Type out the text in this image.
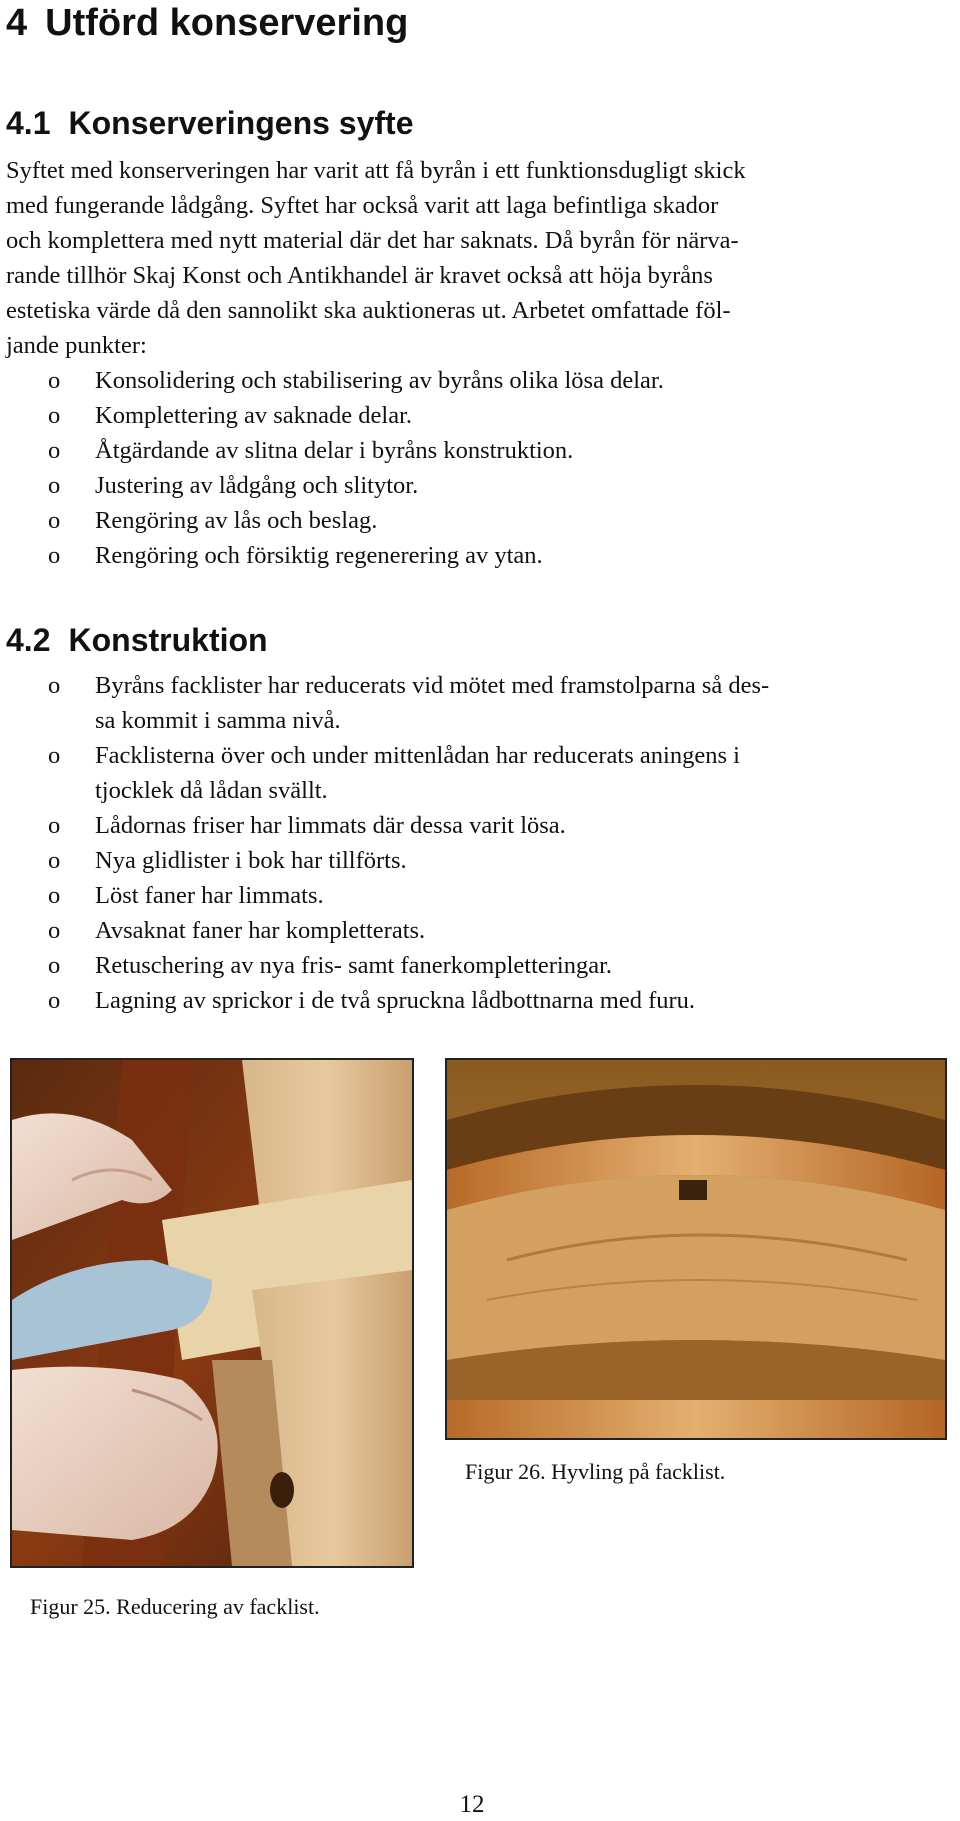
4 Utförd konservering
4.1 Konserveringens syfte
Syftet med konserveringen har varit att få byrån i ett funktionsdugligt skick
med fungerande lådgång. Syftet har också varit att laga befintliga skador
och komplettera med nytt material där det har saknats. Då byrån för närva-
rande tillhör Skaj Konst och Antikhandel är kravet också att höja byråns
estetiska värde då den sannolikt ska auktioneras ut. Arbetet omfattade föl-
jande punkter:
o Konsolidering och stabilisering av byråns olika lösa delar.
o Komplettering av saknade delar.
o Åtgärdande av slitna delar i byråns konstruktion.
o Justering av lådgång och slitytor.
o Rengöring av lås och beslag.
o Rengöring och försiktig regenerering av ytan.
4.2 Konstruktion
o Byråns facklister har reducerats vid mötet med framstolparna så des-
sa kommit i samma nivå.
o Facklisterna över och under mittenlådan har reducerats aningens i
tjocklek då lådan svällt.
o Lådornas friser har limmats där dessa varit lösa.
o Nya glidlister i bok har tillförts.
o Löst faner har limmats.
o Avsaknat faner har kompletterats.
o Retuschering av nya fris- samt fanerkompletteringar.
o Lagning av sprickor i de två spruckna lådbottnarna med furu.
Figur 26. Hyvling på facklist.
Figur 25. Reducering av facklist.
12
